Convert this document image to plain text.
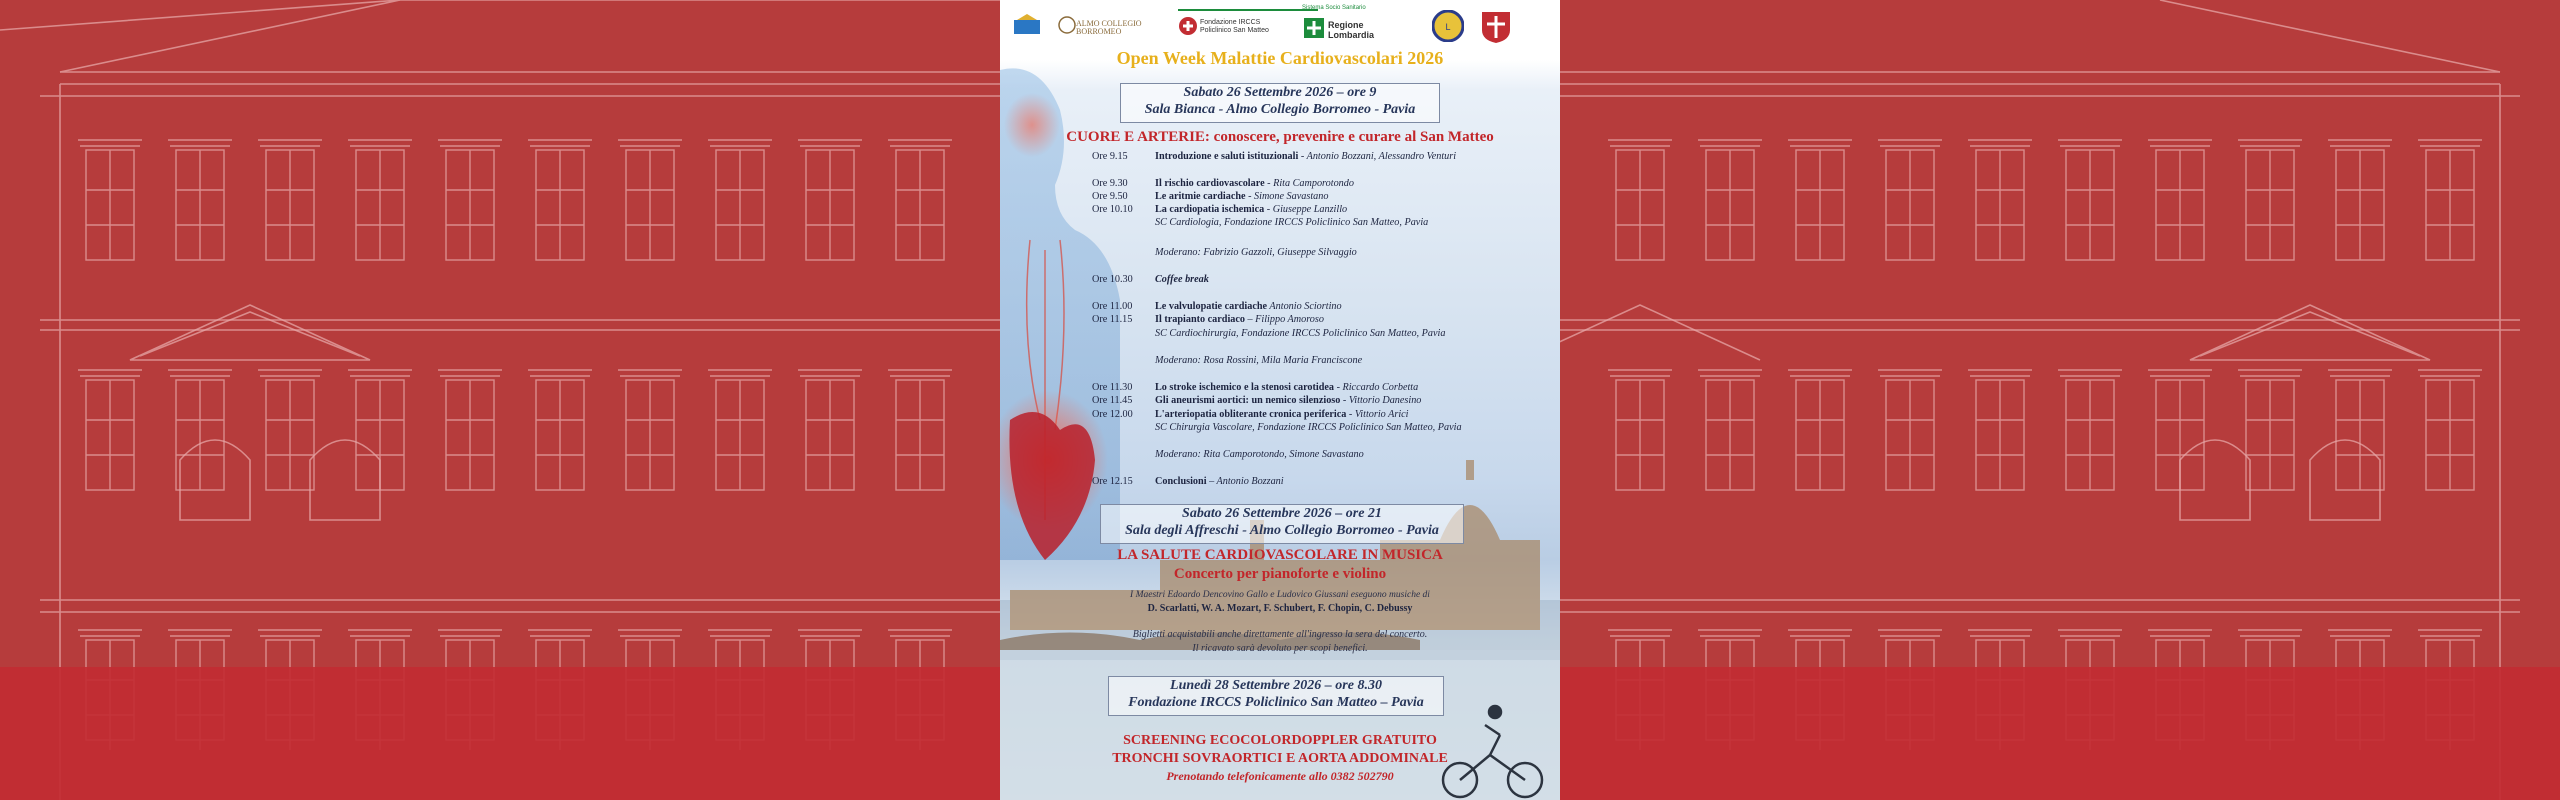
ALMO COLLEGIO BORROMEO
Sistema Socio Sanitario
Fondazione IRCCS Policlinico San Matteo
Regione Lombardia
L
Open Week Malattie Cardiovascolari 2026
Sabato 26 Settembre 2026 – ore 9
Sala Bianca - Almo Collegio Borromeo - Pavia
CUORE E ARTERIE: conoscere, prevenire e curare al San Matteo
Ore 9.15	Introduzione e saluti istituzionali - Antonio Bozzani, Alessandro Venturi
Ore 9.30	Il rischio cardiovascolare - Rita Camporotondo
Ore 9.50	Le aritmie cardiache - Simone Savastano
Ore 10.10	La cardiopatia ischemica - Giuseppe Lanzillo
SC Cardiologia, Fondazione IRCCS Policlinico San Matteo, Pavia
Moderano: Fabrizio Gazzoli, Giuseppe Silvaggio
Ore 10.30	Coffee break
Ore 11.00	Le valvulopatie cardiache Antonio Sciortino
Ore 11.15	Il trapianto cardiaco – Filippo Amoroso
SC Cardiochirurgia, Fondazione IRCCS Policlinico San Matteo, Pavia
Moderano: Rosa Rossini, Mila Maria Franciscone
Ore 11.30	Lo stroke ischemico e la stenosi carotidea - Riccardo Corbetta
Ore 11.45	Gli aneurismi aortici: un nemico silenzioso - Vittorio Danesino
Ore 12.00	L'arteriopatia obliterante cronica periferica - Vittorio Arici
SC Chirurgia Vascolare, Fondazione IRCCS Policlinico San Matteo, Pavia
Moderano: Rita Camporotondo, Simone Savastano
Ore 12.15	Conclusioni – Antonio Bozzani
Sabato 26 Settembre 2026 – ore 21
Sala degli Affreschi - Almo Collegio Borromeo - Pavia
LA SALUTE CARDIOVASCOLARE IN MUSICA
Concerto per pianoforte e violino
I Maestri Edoardo Dencovino Gallo e Ludovico Giussani eseguono musiche di
D. Scarlatti, W. A. Mozart, F. Schubert, F. Chopin, C. Debussy
Biglietti acquistabili anche direttamente all'ingresso la sera del concerto.
Il ricavato sarà devoluto per scopi benefici.
Lunedì 28 Settembre 2026 – ore 8.30
Fondazione IRCCS Policlinico San Matteo – Pavia
SCREENING ECOCOLORDOPPLER GRATUITO
TRONCHI SOVRAORTICI E AORTA ADDOMINALE
Prenotando telefonicamente allo 0382 502790
